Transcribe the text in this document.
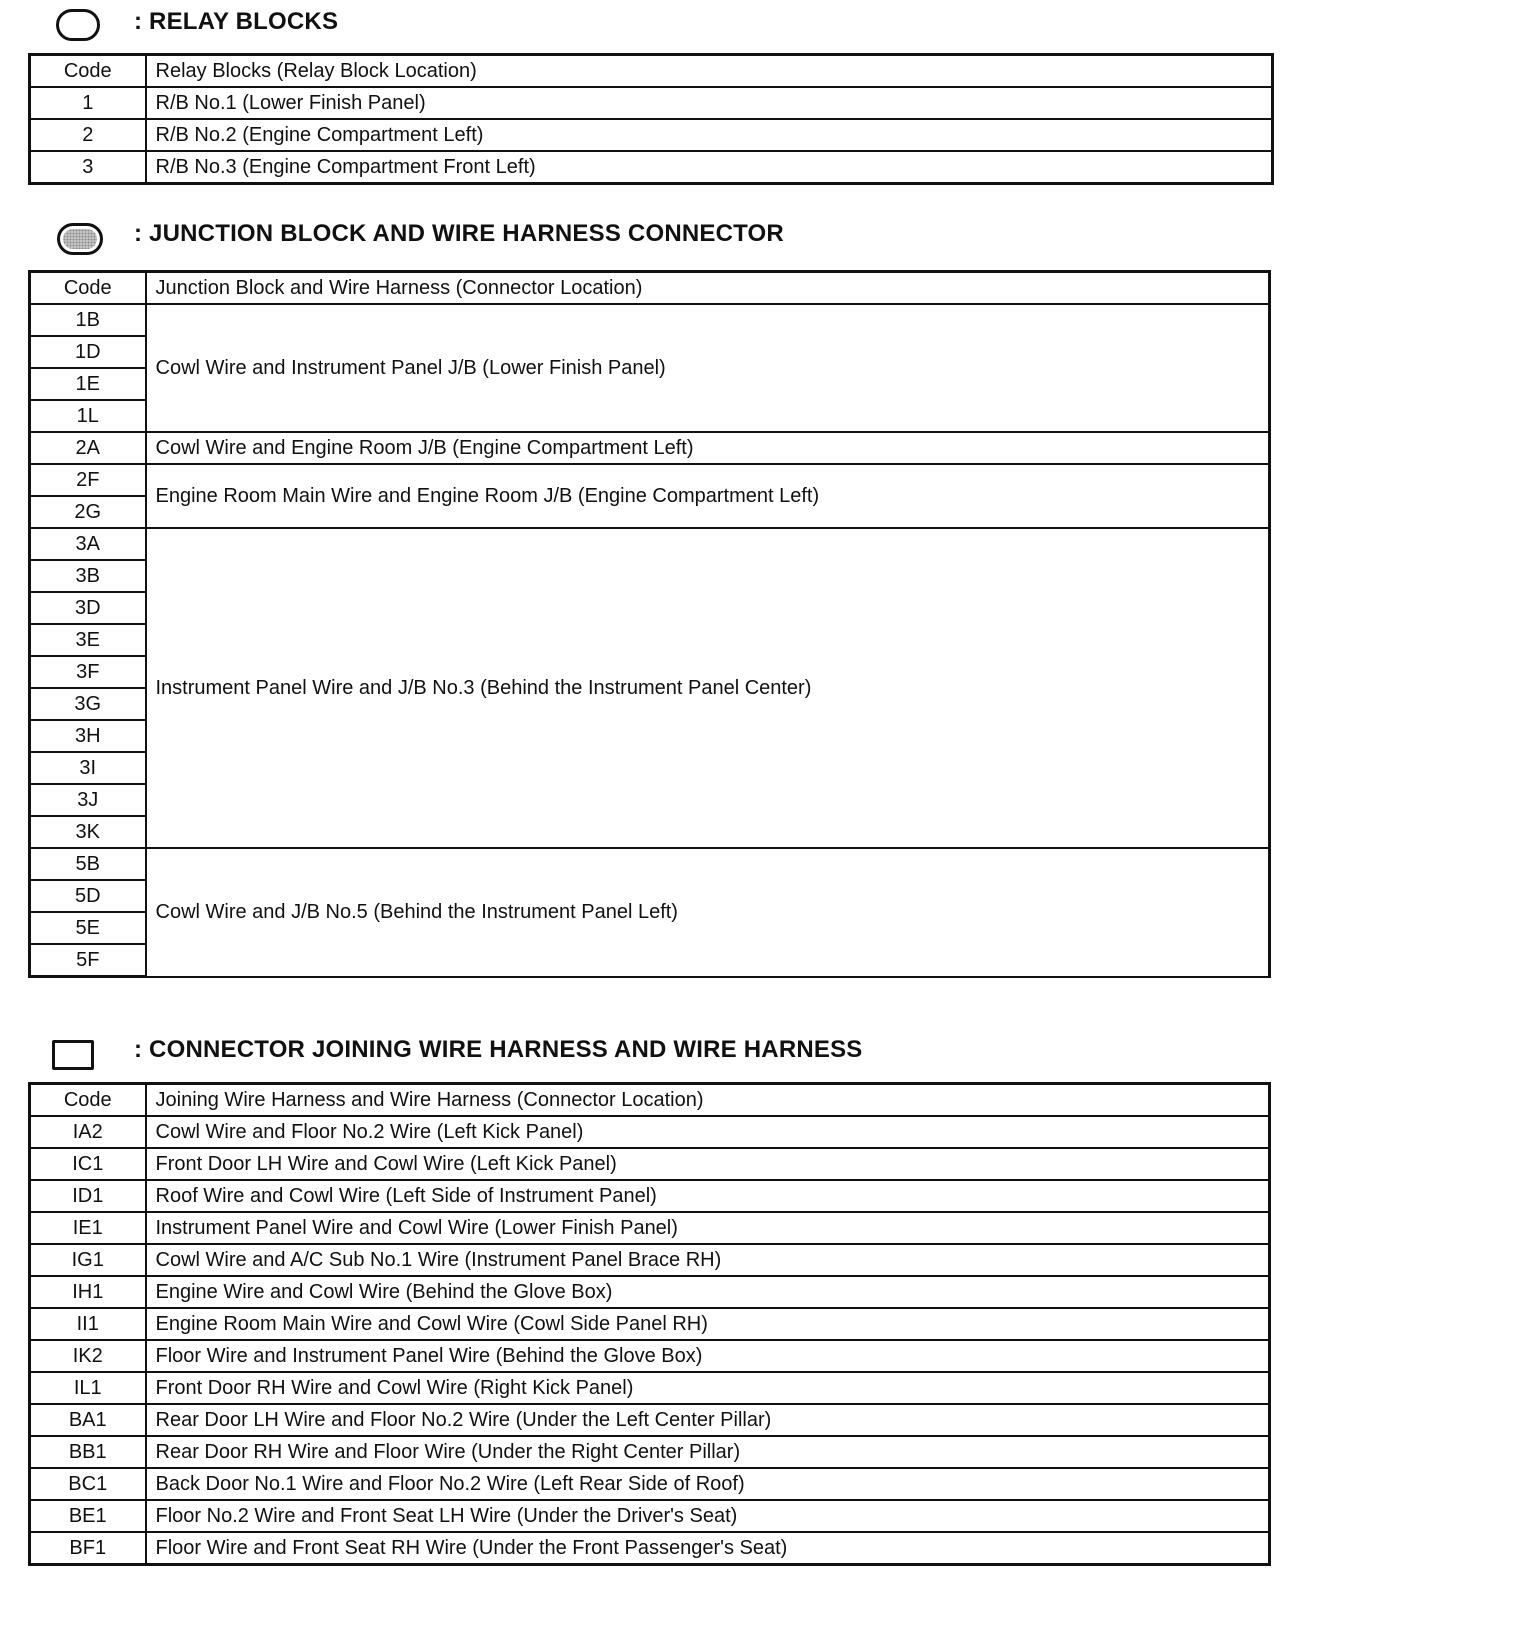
: RELAY BLOCKS
Code	Relay Blocks (Relay Block Location)
1	R/B No.1 (Lower Finish Panel)
2	R/B No.2 (Engine Compartment Left)
3	R/B No.3 (Engine Compartment Front Left)
: JUNCTION BLOCK AND WIRE HARNESS CONNECTOR
Code	Junction Block and Wire Harness (Connector Location)
1B	Cowl Wire and Instrument Panel J/B (Lower Finish Panel)
1D	
1E	
1L	
2A	Cowl Wire and Engine Room J/B (Engine Compartment Left)
2F	Engine Room Main Wire and Engine Room J/B (Engine Compartment Left)
2G	
3A	Instrument Panel Wire and J/B No.3 (Behind the Instrument Panel Center)
3B	
3D	
3E	
3F	
3G	
3H	
3I	
3J	
3K	
5B	Cowl Wire and J/B No.5 (Behind the Instrument Panel Left)
5D	
5E	
5F	
: CONNECTOR JOINING WIRE HARNESS AND WIRE HARNESS
Code	Joining Wire Harness and Wire Harness (Connector Location)
IA2	Cowl Wire and Floor No.2 Wire (Left Kick Panel)
IC1	Front Door LH Wire and Cowl Wire (Left Kick Panel)
ID1	Roof Wire and Cowl Wire (Left Side of Instrument Panel)
IE1	Instrument Panel Wire and Cowl Wire (Lower Finish Panel)
IG1	Cowl Wire and A/C Sub No.1 Wire (Instrument Panel Brace RH)
IH1	Engine Wire and Cowl Wire (Behind the Glove Box)
II1	Engine Room Main Wire and Cowl Wire (Cowl Side Panel RH)
IK2	Floor Wire and Instrument Panel Wire (Behind the Glove Box)
IL1	Front Door RH Wire and Cowl Wire (Right Kick Panel)
BA1	Rear Door LH Wire and Floor No.2 Wire (Under the Left Center Pillar)
BB1	Rear Door RH Wire and Floor Wire (Under the Right Center Pillar)
BC1	Back Door No.1 Wire and Floor No.2 Wire (Left Rear Side of Roof)
BE1	Floor No.2 Wire and Front Seat LH Wire (Under the Driver's Seat)
BF1	Floor Wire and Front Seat RH Wire (Under the Front Passenger's Seat)
